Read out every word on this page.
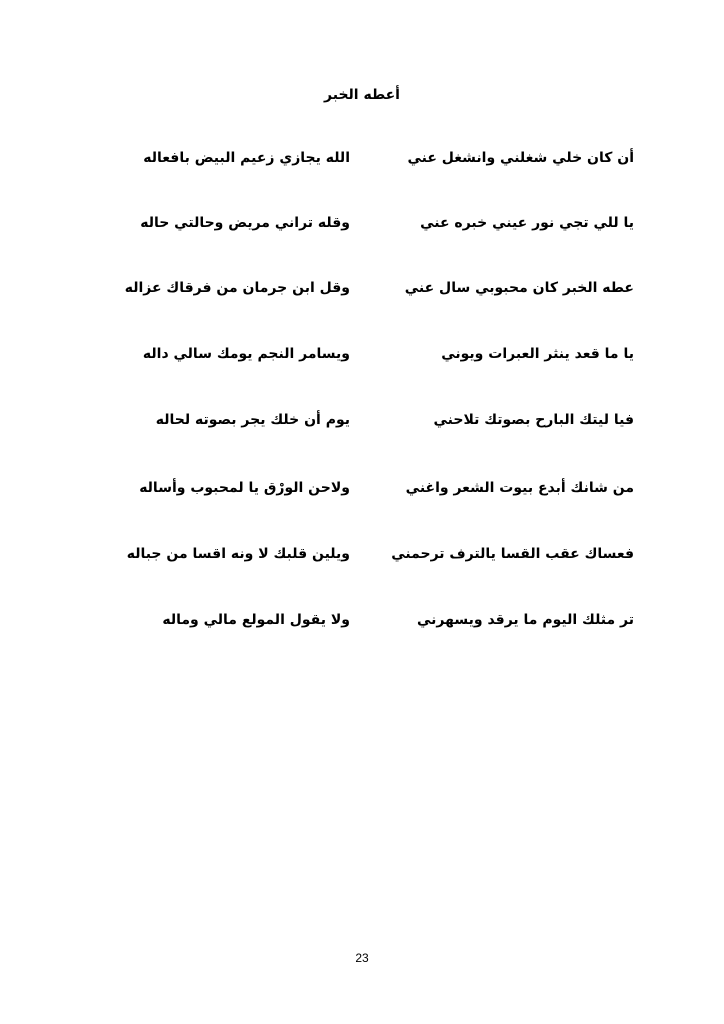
أعطه الخبر
أن كان خلي شغلني وانشغل عني
الله يجازي زعيم البيض بافعاله
يا للي تجي نور عيني خبره عني
وقله تراني مريض وحالتي حاله
عطه الخبر كان محبوبي سال عني
وقل ابن جرمان من فرقاك عزاله
يا ما قعد ينثر العبرات ويوني
ويسامر النجم يومك سالي داله
فيا ليتك البارح بصوتك تلاحني
يوم أن خلك يجر بصوته لحاله
من شانك أبدع بيوت الشعر واغني
ولاحن الورْق يا لمحبوب وأساله
فعساك عقب القسا يالترف ترحمني
ويلين قلبك لا ونه اقسا من جباله
تر مثلك اليوم ما يرقد ويسهرني
ولا يقول المولع مالي وماله
23
